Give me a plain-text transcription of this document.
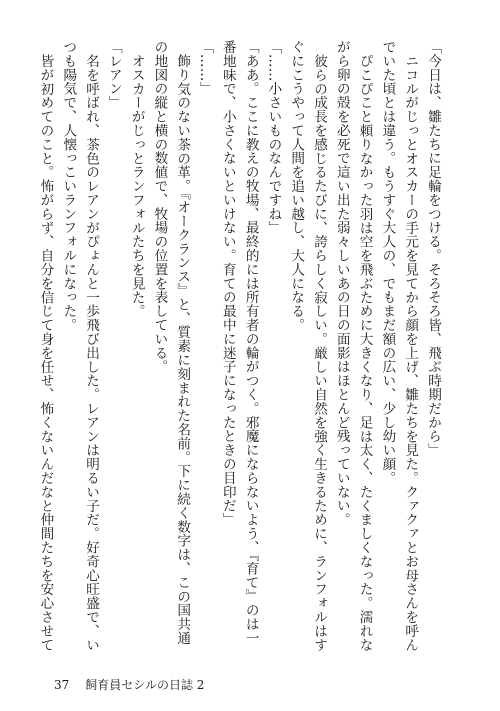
「今日は、雛たちに足輪をつける。そろそろ皆、飛ぶ時期だから」
ニコルがじっとオスカーの手元を見てから顔を上げ、雛たちを見た。クァクァとお母さんを呼ん
でいた頃とは違う。もうすぐ大人の、でもまだ額の広い、少し幼い顔。
ぴこぴこと頼りなかった羽は空を飛ぶために大きくなり、足は太く、たくましくなった。濡れな
がら卵の殻を必死で這い出た弱々しいあの日の面影はほとんど残っていない。
彼らの成長を感じるたびに、誇らしく寂しい。厳しい自然を強く生きるために、ランフォルはす
ぐにこうやって人間を追い越し、大人になる。
「……小さいものなんですね」
「ああ。ここに教えの牧場、最終的には所有者の輪がつく。邪魔にならないよう、『育て』のは一
番地味で、小さくないといけない。育ての最中に迷子になったときの目印だ」
「……」
飾り気のない茶の革。『オークランス』と、質素に刻まれた名前。下に続く数字は、この国共通
の地図の縦と横の数値で、牧場の位置を表している。
オスカーがじっとランフォルたちを見た。
「レアン」
名を呼ばれ、茶色のレアンがぴょんと一歩飛び出した。レアンは明るい子だ。好奇心旺盛で、い
つも陽気で、人懐っこいランフォルになった。
皆が初めてのこと。怖がらず、自分を信じて身を任せ、怖くないんだなと仲間たちを安心させて
37 飼育員セシルの日誌 2
